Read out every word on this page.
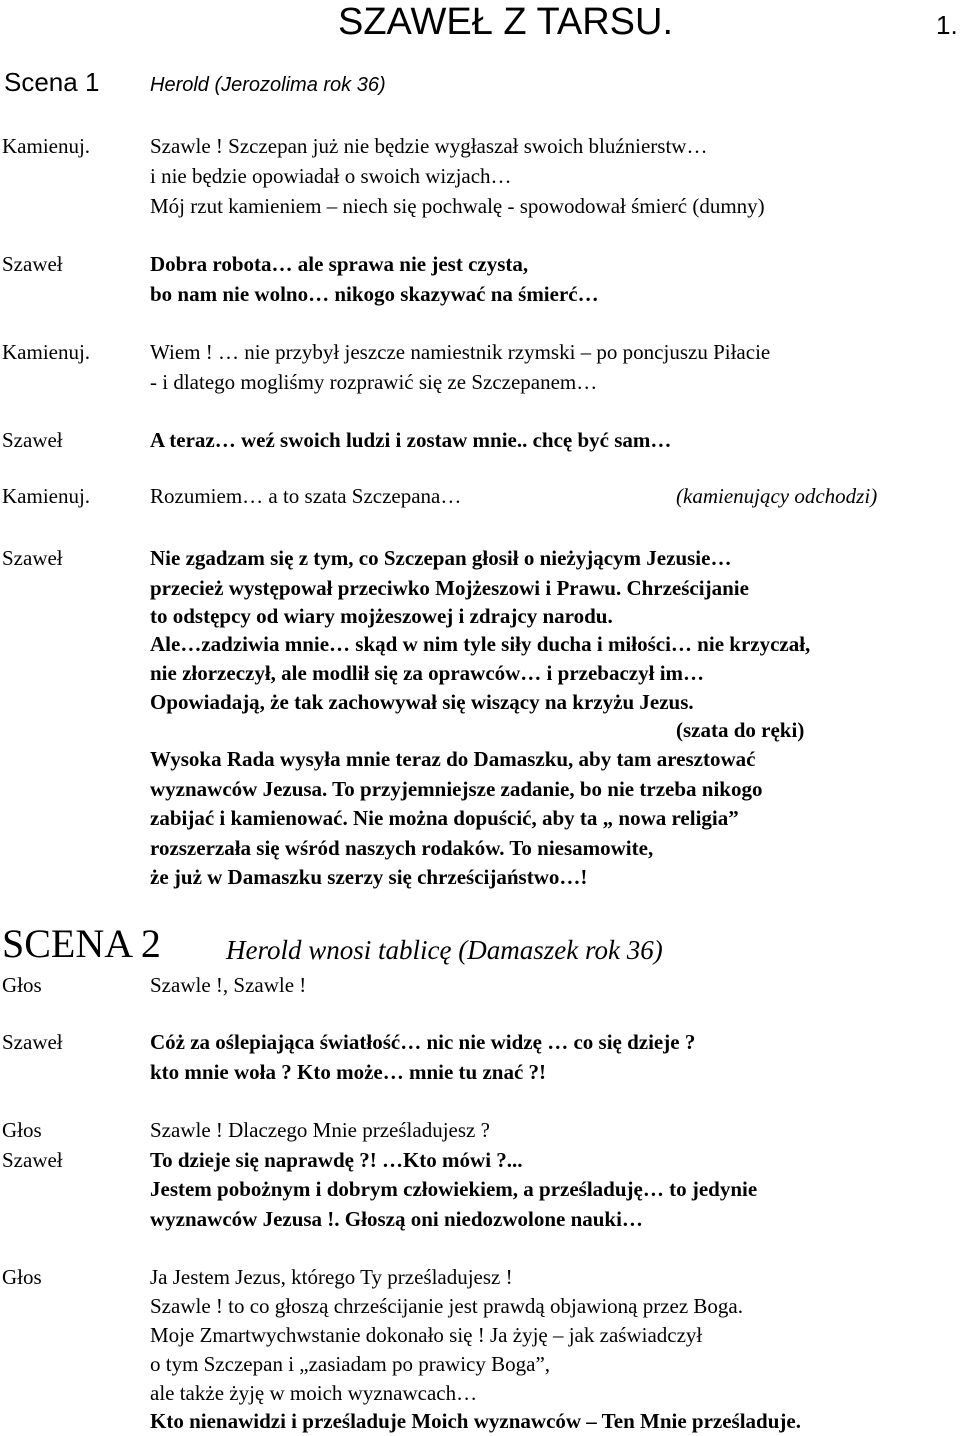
SZAWEŁ Z TARSU.	1.
Scena 1	Herold (Jerozolima rok 36)
Kamienuj.	Szawle ! Szczepan już nie będzie wygłaszał swoich bluźnierstw…
i nie będzie opowiadał o swoich wizjach…
Mój rzut kamieniem – niech się pochwalę - spowodował śmierć (dumny)
Szaweł	Dobra robota… ale sprawa nie jest czysta,
bo nam nie wolno… nikogo skazywać na śmierć…
Kamienuj.	Wiem ! … nie przybył jeszcze namiestnik rzymski – po poncjuszu Piłacie
- i dlatego mogliśmy rozprawić się ze Szczepanem…
Szaweł	A teraz… weź swoich ludzi i zostaw mnie.. chcę być sam…
Kamienuj.	Rozumiem… a to szata Szczepana…	(kamienujący odchodzi)
Szaweł	Nie zgadzam się z tym, co Szczepan głosił o nieżyjącym Jezusie…
przecież występował przeciwko Mojżeszowi i Prawu. Chrześcijanie
to odstępcy od wiary mojżeszowej i zdrajcy narodu.
Ale…zadziwia mnie… skąd w nim tyle siły ducha i miłości… nie krzyczał,
nie złorzeczył, ale modlił się za oprawców… i przebaczył im…
Opowiadają, że tak zachowywał się wiszący na krzyżu Jezus.
(szata do ręki)
Wysoka Rada wysyła mnie teraz do Damaszku, aby tam aresztować
wyznawców Jezusa. To przyjemniejsze zadanie, bo nie trzeba nikogo
zabijać i kamienować. Nie można dopuścić, aby ta „ nowa religia”
rozszerzała się wśród naszych rodaków. To niesamowite,
że już w Damaszku szerzy się chrześcijaństwo…!
SCENA 2 Herold wnosi tablicę (Damaszek rok 36)
Głos	Szawle !, Szawle !
Szaweł	Cóż za oślepiająca światłość… nic nie widzę … co się dzieje ?
kto mnie woła ? Kto może… mnie tu znać ?!
Głos	Szawle ! Dlaczego Mnie prześladujesz ?
Szaweł	To dzieje się naprawdę ?! …Kto mówi ?...
Jestem pobożnym i dobrym człowiekiem, a prześladuję… to jedynie
wyznawców Jezusa !. Głoszą oni niedozwolone nauki…
Głos	Ja Jestem Jezus, którego Ty prześladujesz !
Szawle ! to co głoszą chrześcijanie jest prawdą objawioną przez Boga.
Moje Zmartwychwstanie dokonało się ! Ja żyję – jak zaświadczył
o tym Szczepan i „zasiadam po prawicy Boga”,
ale także żyję w moich wyznawcach…
Kto nienawidzi i prześladuje Moich wyznawców – Ten Mnie prześladuje.
